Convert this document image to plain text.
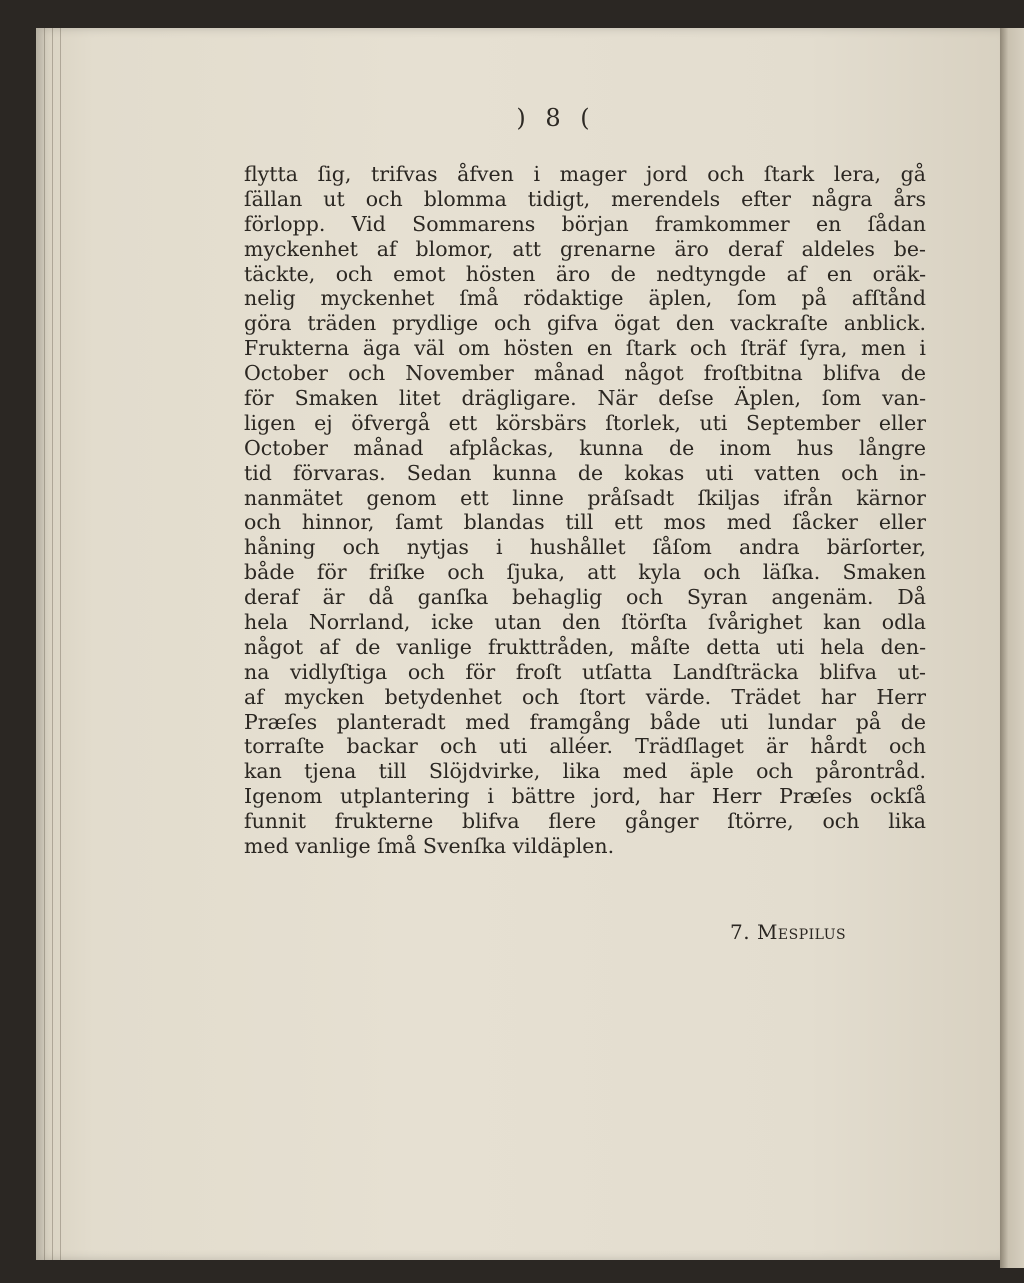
) 8 (
flytta ſig, trifvas åfven i mager jord och ſtark lera, gå
ſällan ut och blomma tidigt, merendels efter några års
förlopp. Vid Sommarens början framkommer en ſådan
myckenhet af blomor, att grenarne äro deraf aldeles be-
täckte, och emot hösten äro de nedtyngde af en oräk-
nelig myckenhet ſmå rödaktige äplen, ſom på afſtånd
göra träden prydlige och gifva ögat den vackraſte anblick.
Frukterna äga väl om hösten en ſtark och ſträf ſyra, men i
October och November månad något froſtbitna blifva de
för Smaken litet drägligare. När deſse Äplen, ſom van-
ligen ej öfvergå ett körsbärs ſtorlek, uti September eller
October månad afplåckas, kunna de inom hus långre
tid förvaras. Sedan kunna de kokas uti vatten och in-
nanmätet genom ett linne pråſsadt ſkiljas ifrån kärnor
och hinnor, ſamt blandas till ett mos med ſåcker eller
håning och nytjas i hushållet ſåſom andra bärſorter,
både för friſke och ſjuka, att kyla och läſka. Smaken
deraf är då ganſka behaglig och Syran angenäm. Då
hela Norrland, icke utan den ſtörſta ſvårighet kan odla
något af de vanlige frukttråden, måſte detta uti hela den-
na vidlyſtiga och för froſt utſatta Landſträcka blifva ut-
af mycken betydenhet och ſtort värde. Trädet har Herr
Præſes planteradt med framgång både uti lundar på de
torraſte backar och uti alléer. Trädſlaget är hårdt och
kan tjena till Slöjdvirke, lika med äple och pårontråd.
Igenom utplantering i bättre jord, har Herr Præſes ockſå
funnit frukterne blifva flere gånger ſtörre, och lika
med vanlige ſmå Svenſka vildäplen.
7. Mespilus
